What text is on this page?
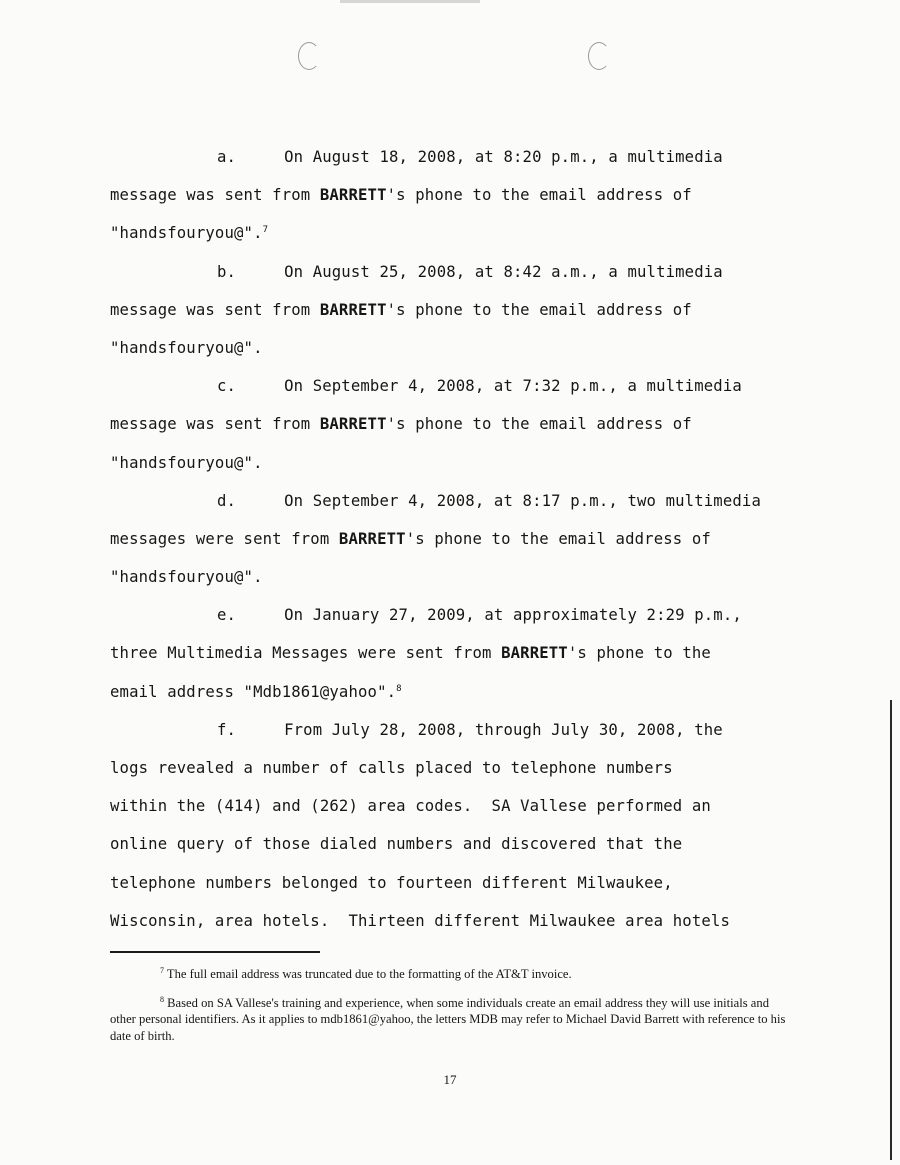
a.	On August 18, 2008, at 8:20 p.m., a multimedia
message was sent from BARRETT's phone to the email address of
"handsfouryou@".$^7$
b.	On August 25, 2008, at 8:42 a.m., a multimedia
message was sent from BARRETT's phone to the email address of
"handsfouryou@".
c.	On September 4, 2008, at 7:32 p.m., a multimedia
message was sent from BARRETT's phone to the email address of
"handsfouryou@".
d.	On September 4, 2008, at 8:17 p.m., two multimedia
messages were sent from BARRETT's phone to the email address of
"handsfouryou@".
e.	On January 27, 2009, at approximately 2:29 p.m.,
three Multimedia Messages were sent from BARRETT's phone to the
email address "Mdb1861@yahoo".$^8$
f.	From July 28, 2008, through July 30, 2008, the
logs revealed a number of calls placed to telephone numbers
within the (414) and (262) area codes.  SA Vallese performed an
online query of those dialed numbers and discovered that the
telephone numbers belonged to fourteen different Milwaukee,
Wisconsin, area hotels.  Thirteen different Milwaukee area hotels

$^7$ The full email address was truncated due to the formatting of the AT&T invoice.

$^8$ Based on SA Vallese's training and experience, when some individuals create an email address they will use initials and other personal identifiers. As it applies to mdb1861@yahoo, the letters MDB may refer to Michael David Barrett with reference to his date of birth.

17
